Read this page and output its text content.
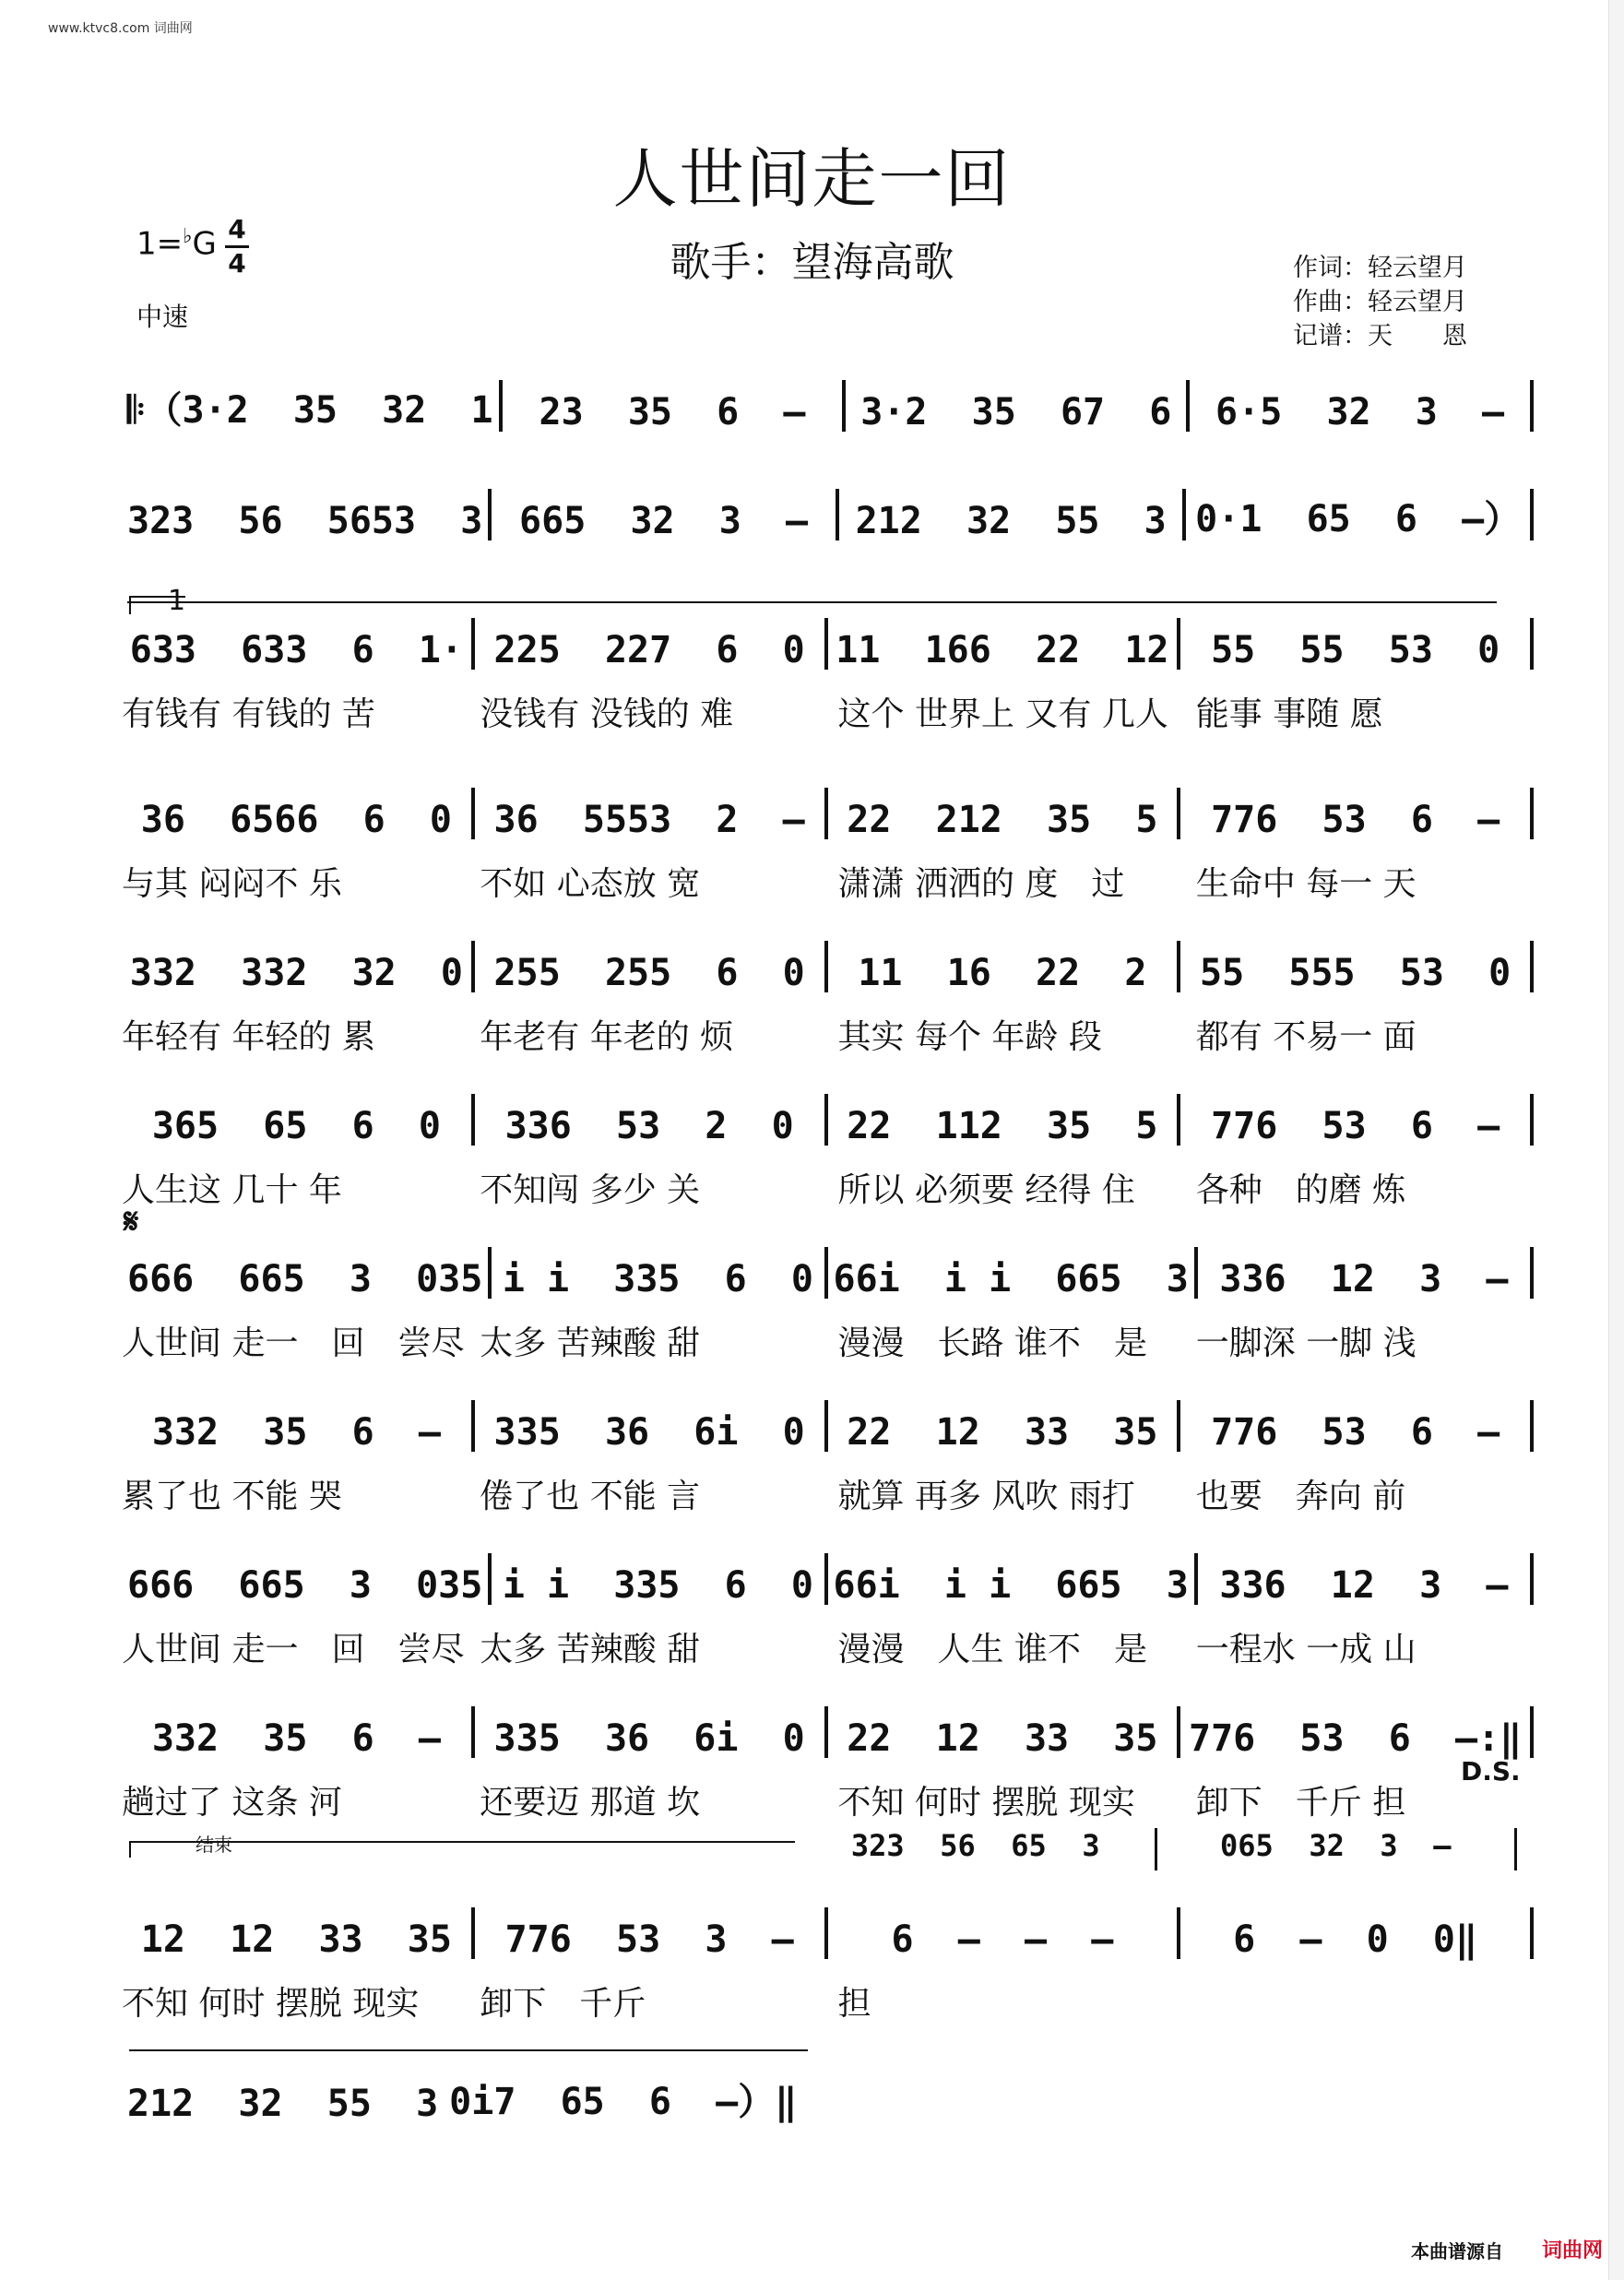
www.ktvc8.com 词曲网
人世间走一回
歌手：望海高歌
1=♭G 4
4
中速
作词：轻云望月
作曲：轻云望月
记谱：天　　恩
𝄆（3·2  35  32  1	23  35  6  –	3·2  35  67  6	6·5  32  3  –
323  56  5653  3 665  32  3  –	212  32  55  3 0·1  65  6  –）
633  633  6  1· 225  227  6  0 11  166  22  12	55  55  53  0
有钱有 有钱的 苦	没钱有 没钱的 难	这个 世界上 又有 几人 能事 事随 愿
1
36  6566  6  0	36  5553  2  –	22  212  35  5	776  53  6  –
与其 闷闷不 乐	不如 心态放 宽	潇潇 洒洒的 度　过	生命中 每一 天
332  332  32  0 255  255  6  0	11  16  22  2	55  555  53  0
年轻有 年轻的 累	年老有 年老的 烦	其实 每个 年龄 段	都有 不易一 面
365  65  6  0	336  53  2  0	22  112  35  5	776  53  6  –
人生这 几十 年	不知闯 多少 关	所以 必须要 经得 住	各种　的磨 炼
666  665  3  035 i i  335  6  0 66i  i i  665  3 336  12  3  –
人世间 走一　回　尝尽 太多 苦辣酸 甜	漫漫　长路 谁不　是	一脚深 一脚 浅
𝄋
332  35  6  –	335  36  6i  0	22  12  33  35	776  53  6  –
累了也 不能 哭	倦了也 不能 言	就算 再多 风吹 雨打	也要　奔向 前
666  665  3  035 i i  335  6  0 66i  i i  665  3 336  12  3  –
人世间 走一　回　尝尽 太多 苦辣酸 甜	漫漫　人生 谁不　是	一程水 一成 山
332  35  6  –	335  36  6i  0	22  12  33  35 776  53  6  –:‖
趟过了 这条 河	还要迈 那道 坎	不知 何时 摆脱 现实	卸下　千斤 担
12  12  33  35	776  53  3  –	6  –  –  –	6  –  0  0‖
不知 何时 摆脱 现实	卸下　千斤	担
结束	323  56  65  3	065  32  3  –
212  32  55  3 0i7  65  6  –）‖
D.S.
本曲谱源自 词曲网
